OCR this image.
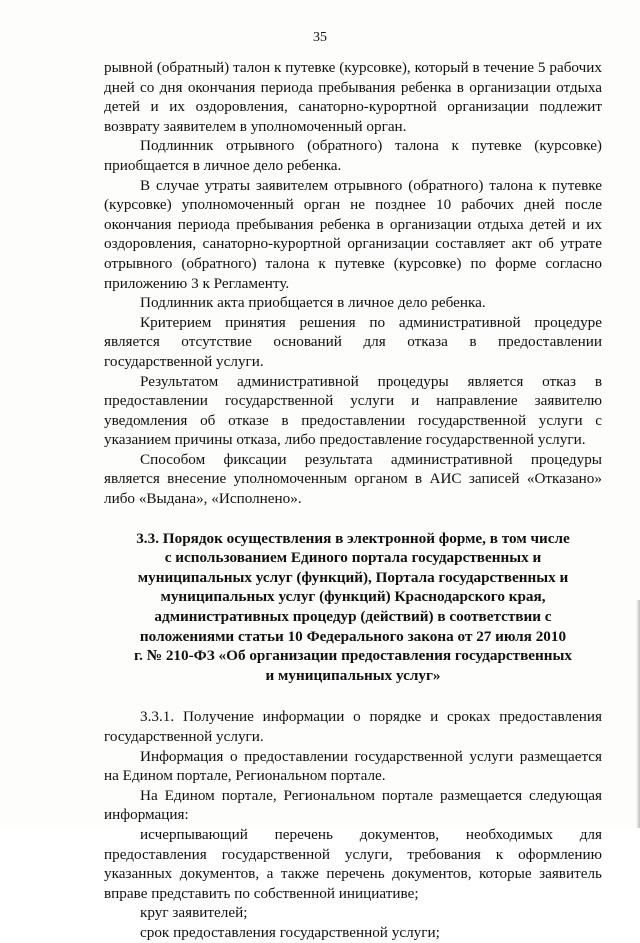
35

рывной (обратный) талон к путевке (курсовке), который в течение 5 рабочих дней со дня окончания периода пребывания ребенка в организации отдыха детей и их оздоровления, санаторно-курортной организации подлежит возврату заявителем в уполномоченный орган.

Подлинник отрывного (обратного) талона к путевке (курсовке) приобщается в личное дело ребенка.

В случае утраты заявителем отрывного (обратного) талона к путевке (курсовке) уполномоченный орган не позднее 10 рабочих дней после окончания периода пребывания ребенка в организации отдыха детей и их оздоровления, санаторно-курортной организации составляет акт об утрате отрывного (обратного) талона к путевке (курсовке) по форме согласно приложению 3 к Регламенту.

Подлинник акта приобщается в личное дело ребенка.

Критерием принятия решения по административной процедуре является отсутствие оснований для отказа в предоставлении государственной услуги.

Результатом административной процедуры является отказ в предоставлении государственной услуги и направление заявителю уведомления об отказе в предоставлении государственной услуги с указанием причины отказа, либо предоставление государственной услуги.

Способом фиксации результата административной процедуры является внесение уполномоченным органом в АИС записей «Отказано» либо «Выдана», «Исполнено».

3.3. Порядок осуществления в электронной форме, в том числе с использованием Единого портала государственных и муниципальных услуг (функций), Портала государственных и муниципальных услуг (функций) Краснодарского края, административных процедур (действий) в соответствии с положениями статьи 10 Федерального закона от 27 июля 2010 г. № 210-ФЗ «Об организации предоставления государственных и муниципальных услуг»

3.3.1. Получение информации о порядке и сроках предоставления государственной услуги.

Информация о предоставлении государственной услуги размещается на Едином портале, Региональном портале.

На Едином портале, Региональном портале размещается следующая информация:

исчерпывающий перечень документов, необходимых для предоставления государственной услуги, требования к оформлению указанных документов, а также перечень документов, которые заявитель вправе представить по собственной инициативе;

круг заявителей;

срок предоставления государственной услуги;
